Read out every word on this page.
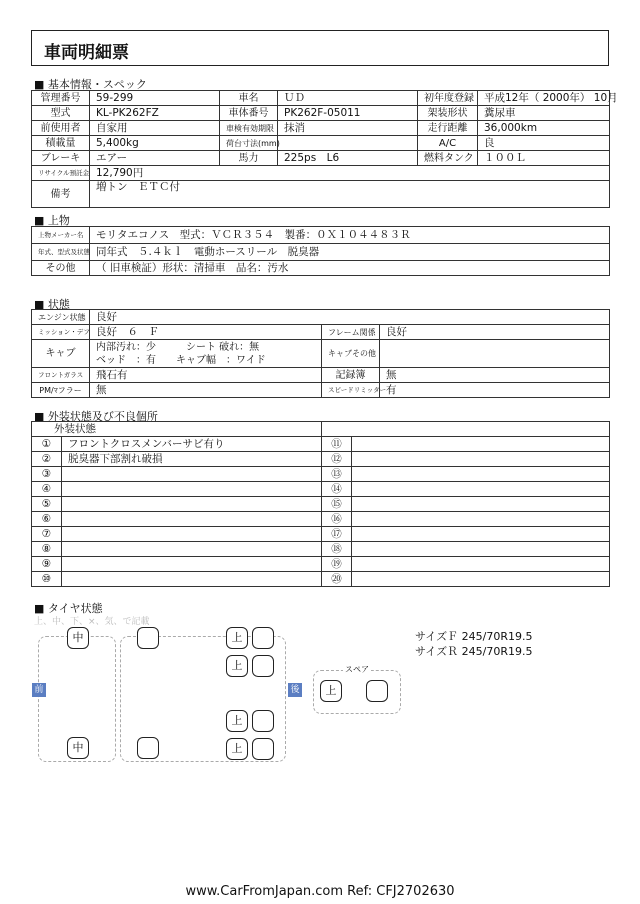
車両明細票
■ 基本情報・スペック
管理番号	59-299	車名	ＵＤ	初年度登録	平成12年（ 2000年） 10月
型式	KL-PK262FZ	車体番号	PK262F-05011	架装形状	糞尿車
前使用者	自家用	車検有効期限	抹消	走行距離	36,000km
積載量	5,400kg	荷台寸法(mm)		A/C	良
ブレーキ	エアー	馬力	225ps　L6	燃料タンク	１００Ｌ
リサイクル預託金	12,790円				
備考	増トン　ＥＴＣ付				
■ 上物
上物メーカー名	モリタエコノス　型式：ＶＣＲ３５４　製番：０Ｘ１０４４８３Ｒ
年式、型式及状態	同年式　５.４ｋｌ　電動ホースリール　脱臭器
その他	（ 旧車検証）形状：清掃車　品名：汚水
■ 状態
エンジン状態	良好		
ミッション・デフ	良好　６　Ｆ	フレーム関係	良好
キャブ	内部汚れ：少　　　シート 破れ：無
ベッド　：有　　キャブ幅　：ワイド	キャブその他	
フロントガラス	飛石有	記録簿	無
PM/ﾏフラー	無	スピードリミッター	有
■ 外装状態及び不良個所
外装状態			
①	フロントクロスメンバーサビ有り	⑪	
②	脱臭器下部割れ破損	⑫	
③		⑬	
④		⑭	
⑤		⑮	
⑥		⑯	
⑦		⑰	
⑧		⑱	
⑨		⑲	
⑩		⑳	
■ タイヤ状態
上、中、下、×、気、で記載
前	後
スペア
中
中
上
上
上
上
上
サイズＦ 245/70R19.5
サイズＲ 245/70R19.5
www.CarFromJapan.com Ref: CFJ2702630
